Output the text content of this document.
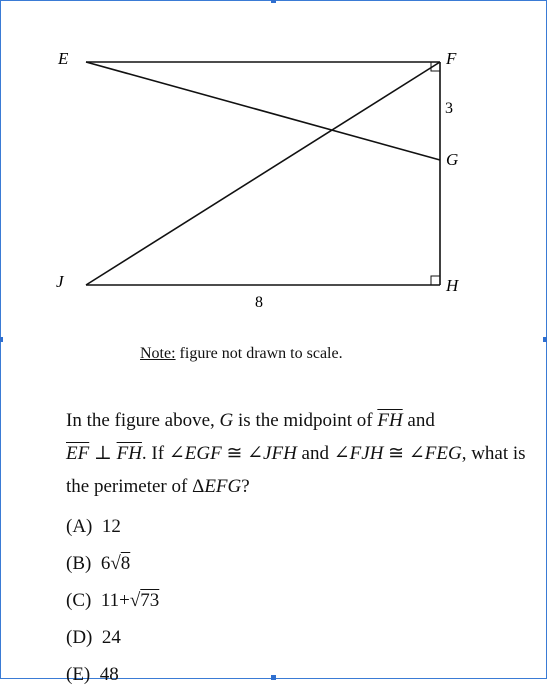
E	F
G
J	H
3
8
Note: figure not drawn to scale.
In the figure above, G is the midpoint of $\overline{FH}$ and
$\overline{EF}$ ⊥ $\overline{FH}$. If ∠EGF ≅ ∠JFH and ∠FJH ≅ ∠FEG, what is the perimeter of ΔEFG?
(A) 12
(B) 6√8
(C) 11+√73
(D) 24
(E) 48
